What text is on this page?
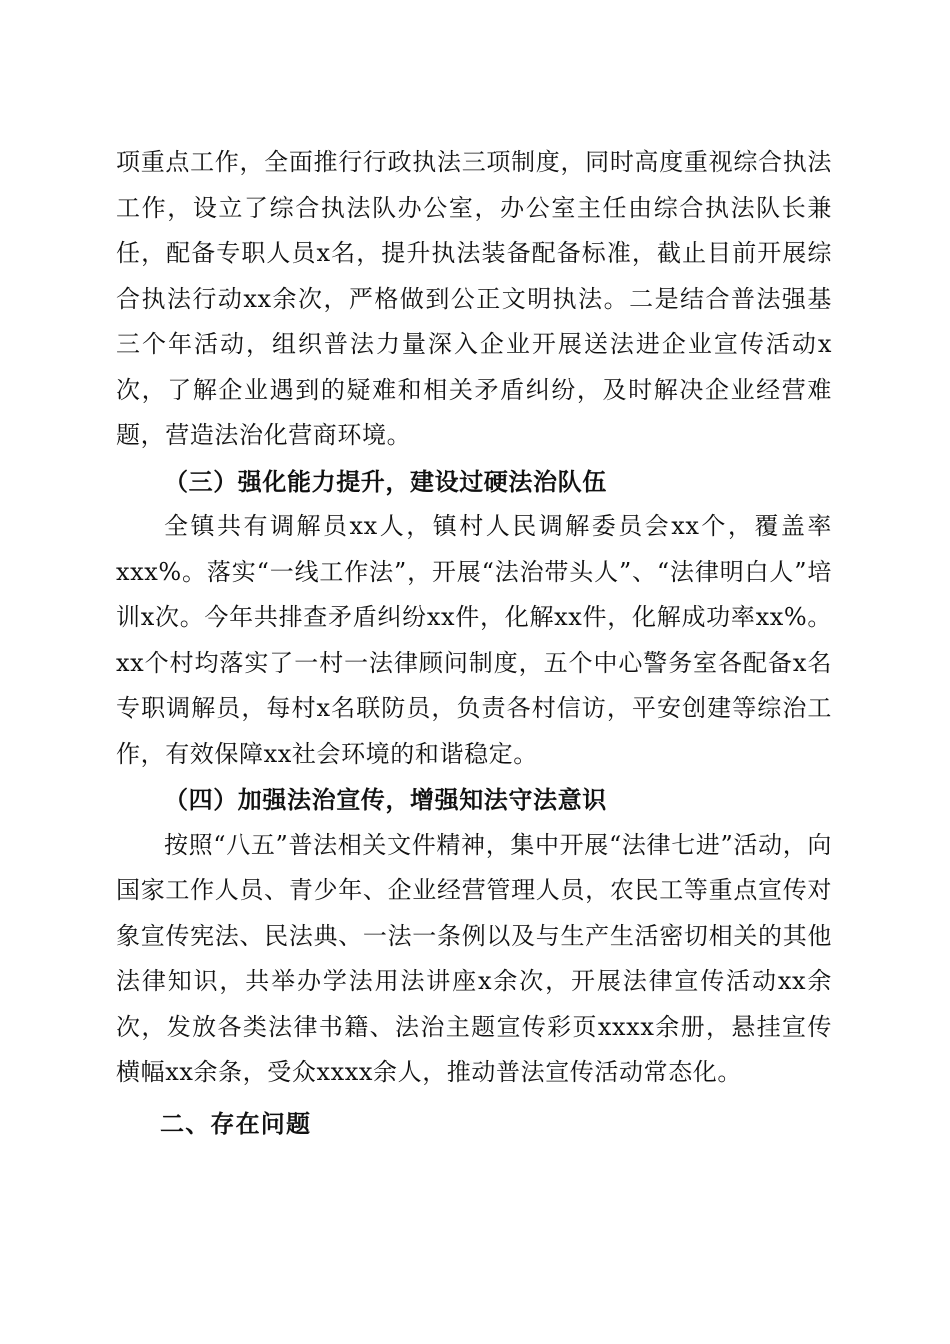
项重点工作，全面推行行政执法三项制度，同时高度重视综合执法工作，设立了综合执法队办公室，办公室主任由综合执法队长兼任，配备专职人员x名，提升执法装备配备标准，截止目前开展综合执法行动xx余次，严格做到公正文明执法。二是结合普法强基三个年活动，组织普法力量深入企业开展送法进企业宣传活动x次，了解企业遇到的疑难和相关矛盾纠纷，及时解决企业经营难题，营造法治化营商环境。

（三）强化能力提升，建设过硬法治队伍

全镇共有调解员xx人，镇村人民调解委员会xx个，覆盖率xxx%。落实“一线工作法”，开展“法治带头人”、“法律明白人”培训x次。今年共排查矛盾纠纷xx件，化解xx件，化解成功率xx%。xx个村均落实了一村一法律顾问制度，五个中心警务室各配备x名专职调解员，每村x名联防员，负责各村信访，平安创建等综治工作，有效保障xx社会环境的和谐稳定。

（四）加强法治宣传，增强知法守法意识

按照“八五”普法相关文件精神，集中开展“法律七进”活动，向国家工作人员、青少年、企业经营管理人员，农民工等重点宣传对象宣传宪法、民法典、一法一条例以及与生产生活密切相关的其他法律知识，共举办学法用法讲座x余次，开展法律宣传活动xx余次，发放各类法律书籍、法治主题宣传彩页xxxx余册，悬挂宣传横幅xx余条，受众xxxx余人，推动普法宣传活动常态化。

二、存在问题
